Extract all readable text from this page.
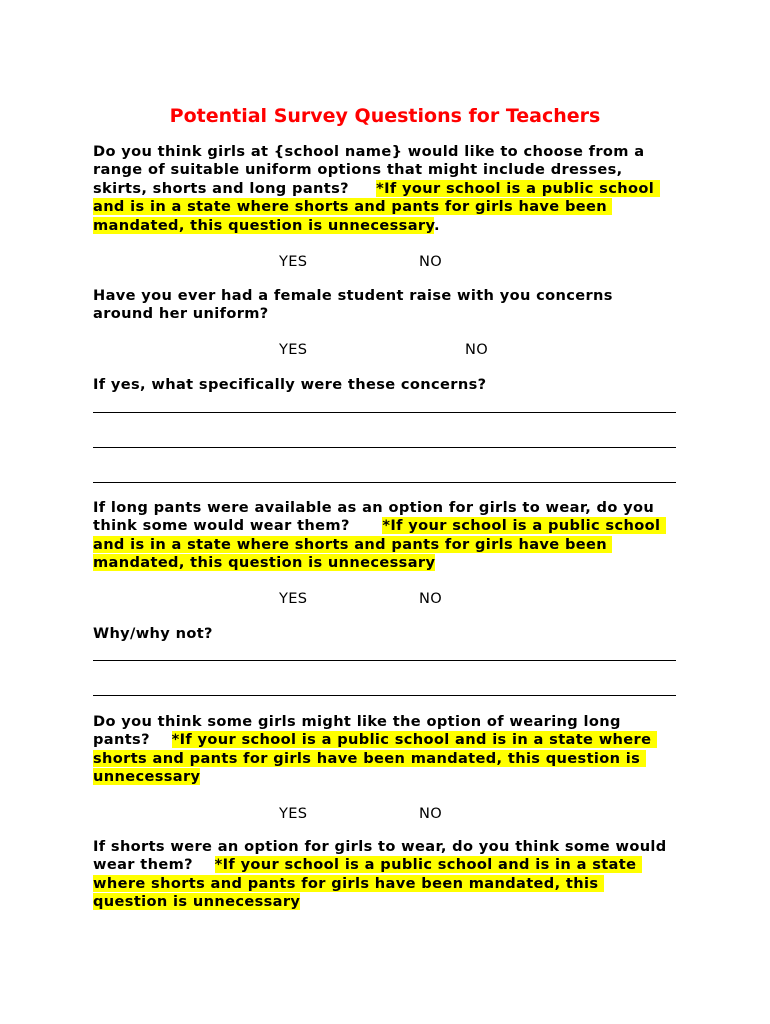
Potential Survey Questions for Teachers
Do you think girls at {school name} would like to choose from a range of suitable uniform options that might include dresses, skirts, shorts and long pants?     *If your school is a public school and is in a state where shorts and pants for girls have been mandated, this question is unnecessary.
YES	NO
Have you ever had a female student raise with you concerns around her uniform?
YES	NO
If yes, what specifically were these concerns?
If long pants were available as an option for girls to wear, do you think some would wear them?      *If your school is a public school and is in a state where shorts and pants for girls have been mandated, this question is unnecessary
YES	NO
Why/why not?
Do you think some girls might like the option of wearing long pants?    *If your school is a public school and is in a state where shorts and pants for girls have been mandated, this question is unnecessary
YES	NO
If shorts were an option for girls to wear, do you think some would wear them?    *If your school is a public school and is in a state where shorts and pants for girls have been mandated, this question is unnecessary
